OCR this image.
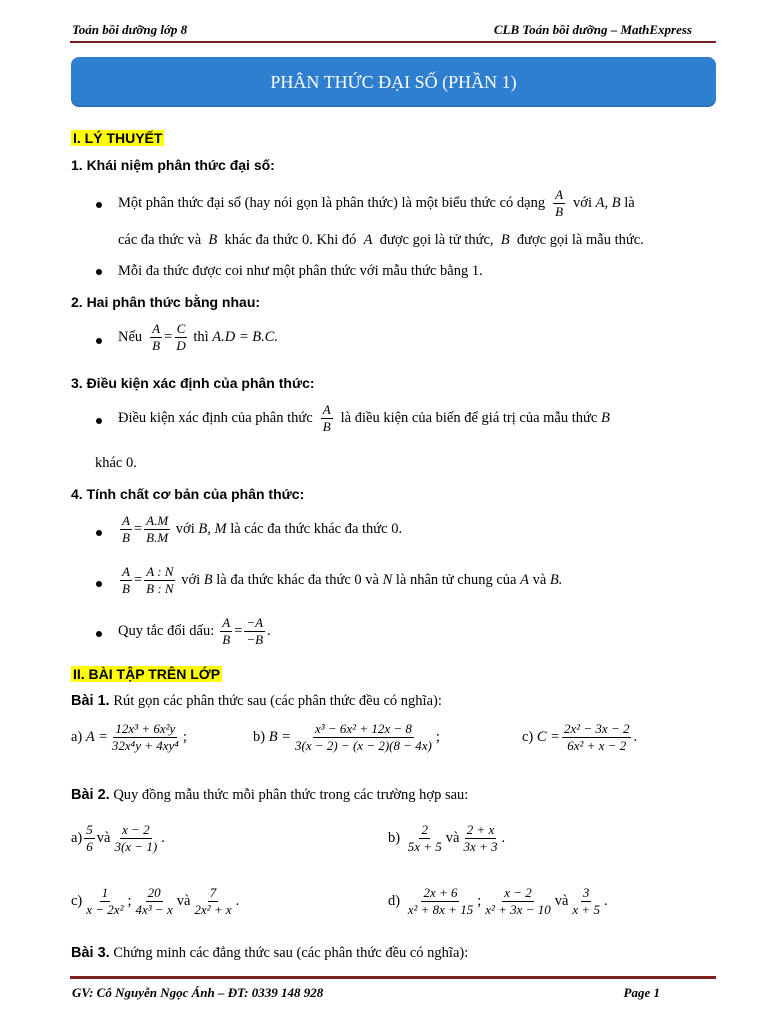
Toán bồi dưỡng lớp 8	CLB Toán bồi dưỡng – MathExpress
PHÂN THỨC ĐẠI SỐ (PHẦN 1)
I. LÝ THUYẾT
1. Khái niệm phân thức đại số:
Một phân thức đại số (hay nói gọn là phân thức) là một biểu thức có dạng $\frac{A}{B}$ với
A, B
là
các đa thức và B khác đa thức 0. Khi đó A được gọi là tử thức, B được gọi là mẫu thức.
Mỗi đa thức được coi như một phân thức với mẫu thức bằng 1.
2. Hai phân thức bằng nhau:
Nếu $\frac{A}{B} = \frac{C}{D}$
thì
A.D = B.C.
3. Điều kiện xác định của phân thức:
Điều kiện xác định của phân thức $\frac{A}{B}$ là điều kiện của biến để giá trị của mẫu thức
B
khác 0.
4. Tính chất cơ bản của phân thức:
$\frac{A}{B} = \frac{A.M}{B.M}$
với
B, M
là các đa thức khác đa thức 0.
$\frac{A}{B} = \frac{A : N}{B : N}$
với
B
là đa thức khác đa thức 0 và
N
là nhân tử chung của
A
và
B.
Quy tắc đổi dấu: $\frac{A}{B} = \frac{-A}{-B}$ .
II. BÀI TẬP TRÊN LỚP
Bài 1. Rút gọn các phân thức sau (các phân thức đều có nghĩa):
a)
$A = \frac{\text{12x³ + 6x²y}}{\text{32x⁴y + 4xy⁴}}$ ;	b)
$B = \frac{\text{x³ − 6x² + 12x − 8}}{3(x - 2) - (x - 2)(8 - 4x)}$ ;	c)
$C = \frac{\text{2x² − 3x − 2}}{\text{6x² + x − 2}}$ .
Bài 2. Quy đồng mẫu thức mỗi phân thức trong các trường hợp sau:
$a) \frac{5}{6}$ và $\frac{x - 2}{3(x - 1)}$ .	b)
$\frac{2}{5x + 5}$ và $\frac{2 + x}{3x + 3}$ .
$c) \frac{1}{\text{x − 2x²}}$ ; $\frac{20}{\text{4x³ − x}}$ và $\frac{7}{\text{2x² + x}}$ .	d)
$\frac{2x + 6}{\text{x² + 8x + 15}}$ ; $\frac{x - 2}{\text{x² + 3x − 10}}$ và $\frac{3}{x + 5}$ .
Bài 3. Chứng minh các đẳng thức sau (các phân thức đều có nghĩa):
GV: Cô Nguyễn Ngọc Ánh – ĐT: 0339 148 928	Page 1
